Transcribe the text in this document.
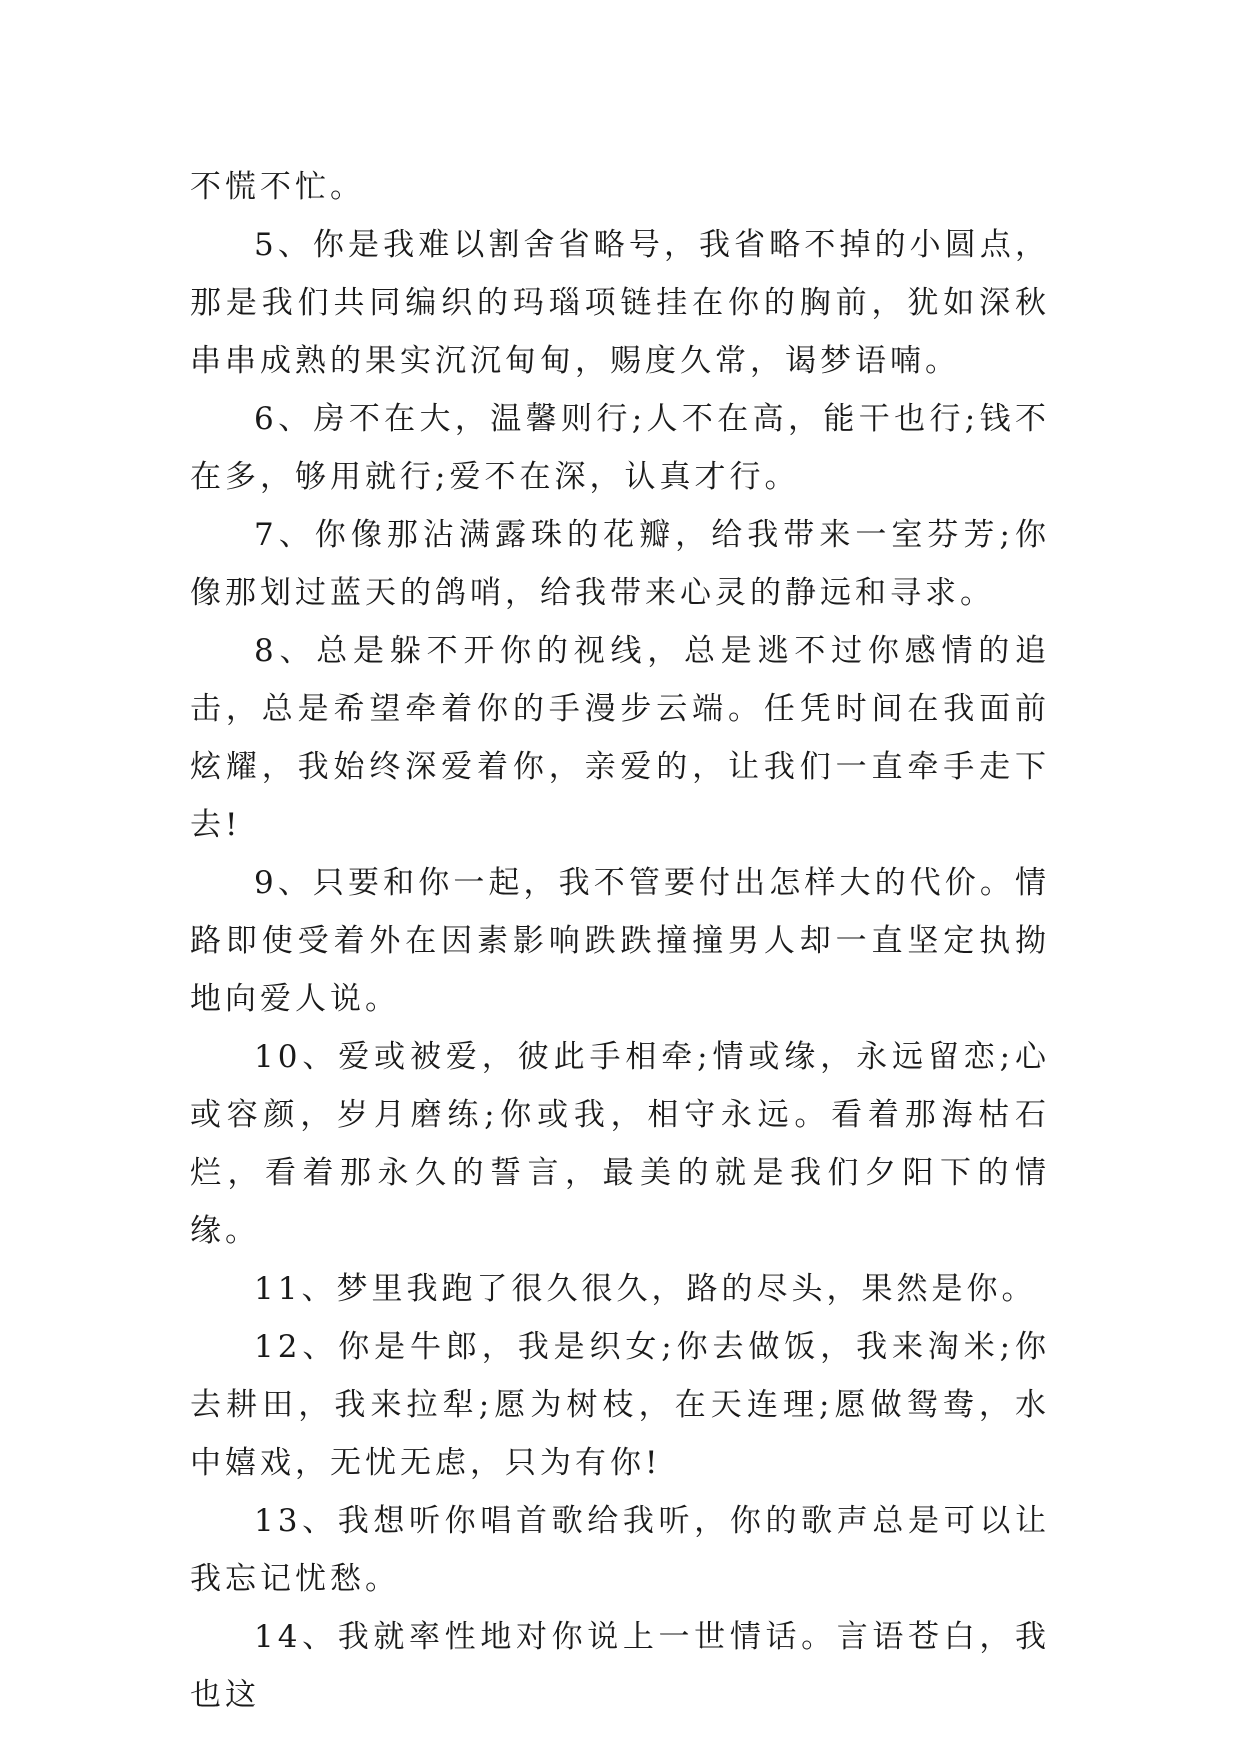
不慌不忙。

5、你是我难以割舍省略号，我省略不掉的小圆点，那是我们共同编织的玛瑙项链挂在你的胸前，犹如深秋串串成熟的果实沉沉甸甸，赐度久常，谒梦语喃。

6、房不在大，温馨则行;人不在高，能干也行;钱不在多，够用就行;爱不在深，认真才行。

7、你像那沾满露珠的花瓣，给我带来一室芬芳;你像那划过蓝天的鸽哨，给我带来心灵的静远和寻求。

8、总是躲不开你的视线，总是逃不过你感情的追击，总是希望牵着你的手漫步云端。任凭时间在我面前炫耀，我始终深爱着你，亲爱的，让我们一直牵手走下去!

9、只要和你一起，我不管要付出怎样大的代价。情路即使受着外在因素影响跌跌撞撞男人却一直坚定执拗地向爱人说。

10、爱或被爱，彼此手相牵;情或缘，永远留恋;心或容颜，岁月磨练;你或我，相守永远。看着那海枯石烂，看着那永久的誓言，最美的就是我们夕阳下的情缘。

11、梦里我跑了很久很久，路的尽头，果然是你。

12、你是牛郎，我是织女;你去做饭，我来淘米;你去耕田，我来拉犁;愿为树枝，在天连理;愿做鸳鸯，水中嬉戏，无忧无虑，只为有你!

13、我想听你唱首歌给我听，你的歌声总是可以让我忘记忧愁。

14、我就率性地对你说上一世情话。言语苍白，我也这
